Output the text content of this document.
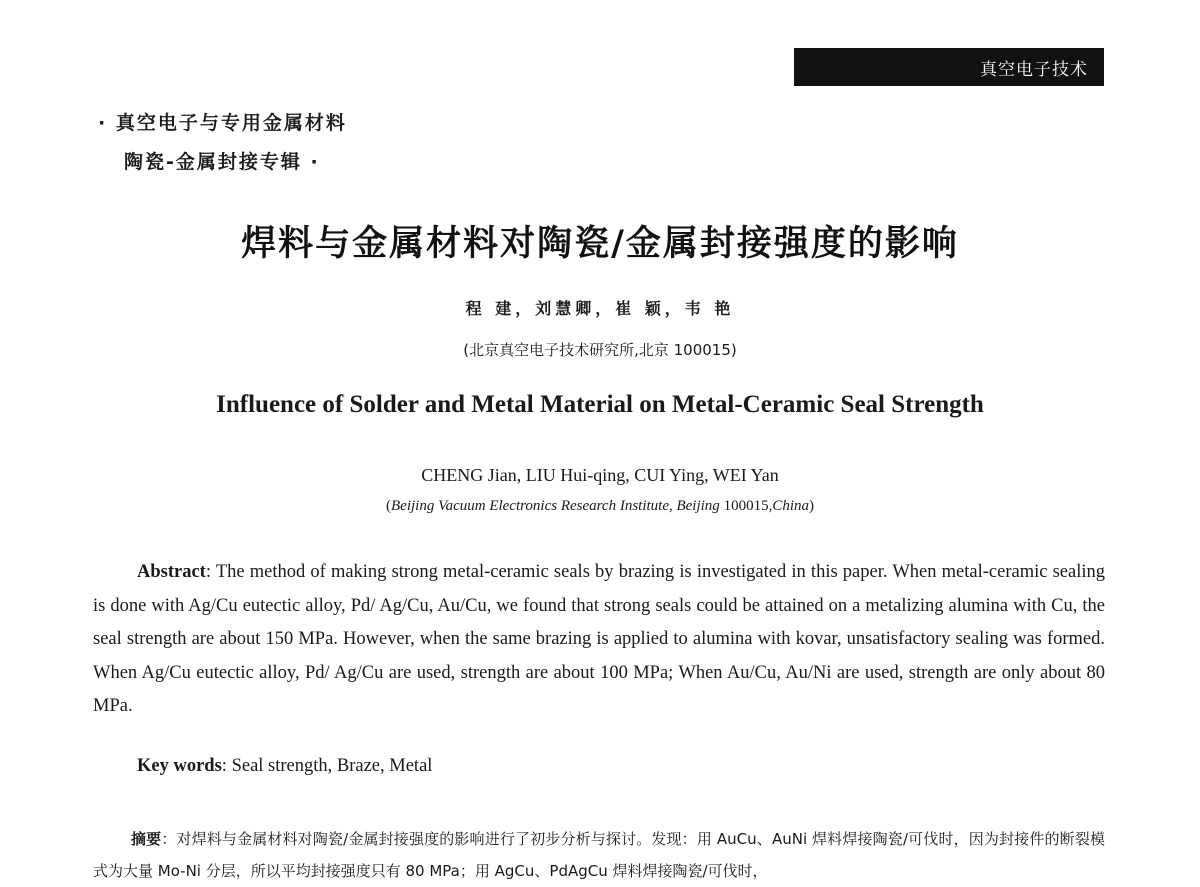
真空电子技术
· 真空电子与专用金属材料
陶瓷-金属封接专辑 ·
焊料与金属材料对陶瓷/金属封接强度的影响
程 建，刘慧卿，崔 颖，韦 艳
(北京真空电子技术研究所,北京 100015)
Influence of Solder and Metal Material on Metal-Ceramic Seal Strength
CHENG Jian, LIU Hui-qing, CUI Ying, WEI Yan
(Beijing Vacuum Electronics Research Institute, Beijing 100015,China)

Abstract: The method of making strong metal-ceramic seals by brazing is investigated in this paper. When metal-ceramic sealing is done with Ag/Cu eutectic alloy, Pd/ Ag/Cu, Au/Cu, we found that strong seals could be attained on a metalizing alumina with Cu, the seal strength are about 150 MPa. However, when the same brazing is applied to alumina with kovar, unsatisfactory sealing was formed. When Ag/Cu eutectic alloy, Pd/ Ag/Cu are used, strength are about 100 MPa; When Au/Cu, Au/Ni are used, strength are only about 80 MPa.

Key words: Seal strength, Braze, Metal

摘要：对焊料与金属材料对陶瓷/金属封接强度的影响进行了初步分析与探讨。发现：用 AuCu、AuNi 焊料焊接陶瓷/可伐时，因为封接件的断裂模式为大量 Mo-Ni 分层，所以平均封接强度只有 80 MPa；用 AgCu、PdAgCu 焊料焊接陶瓷/可伐时，
